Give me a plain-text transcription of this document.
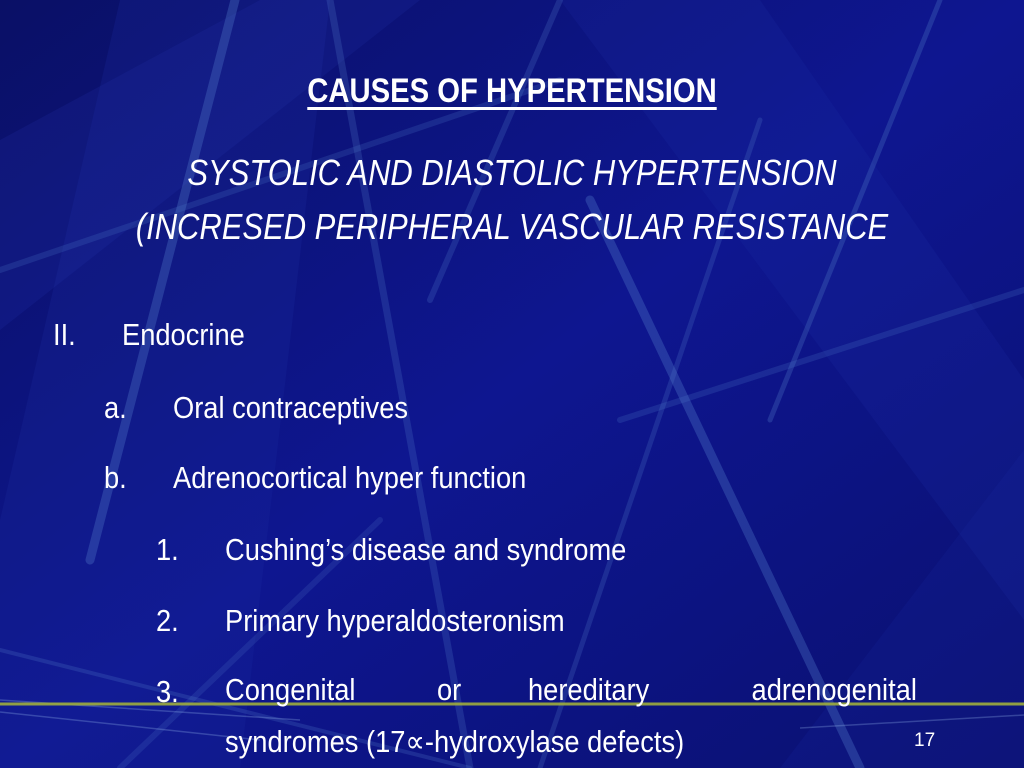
CAUSES OF HYPERTENSION
SYSTOLIC AND DIASTOLIC HYPERTENSION
(INCRESED PERIPHERAL VASCULAR RESISTANCE
II. Endocrine
a. Oral contraceptives
b. Adrenocortical hyper function
1. Cushing’s disease and syndrome
2. Primary hyperaldosteronism
3. Congenital	or hereditary	adrenogenital
syndromes (17∝-hydroxylase defects)	17
